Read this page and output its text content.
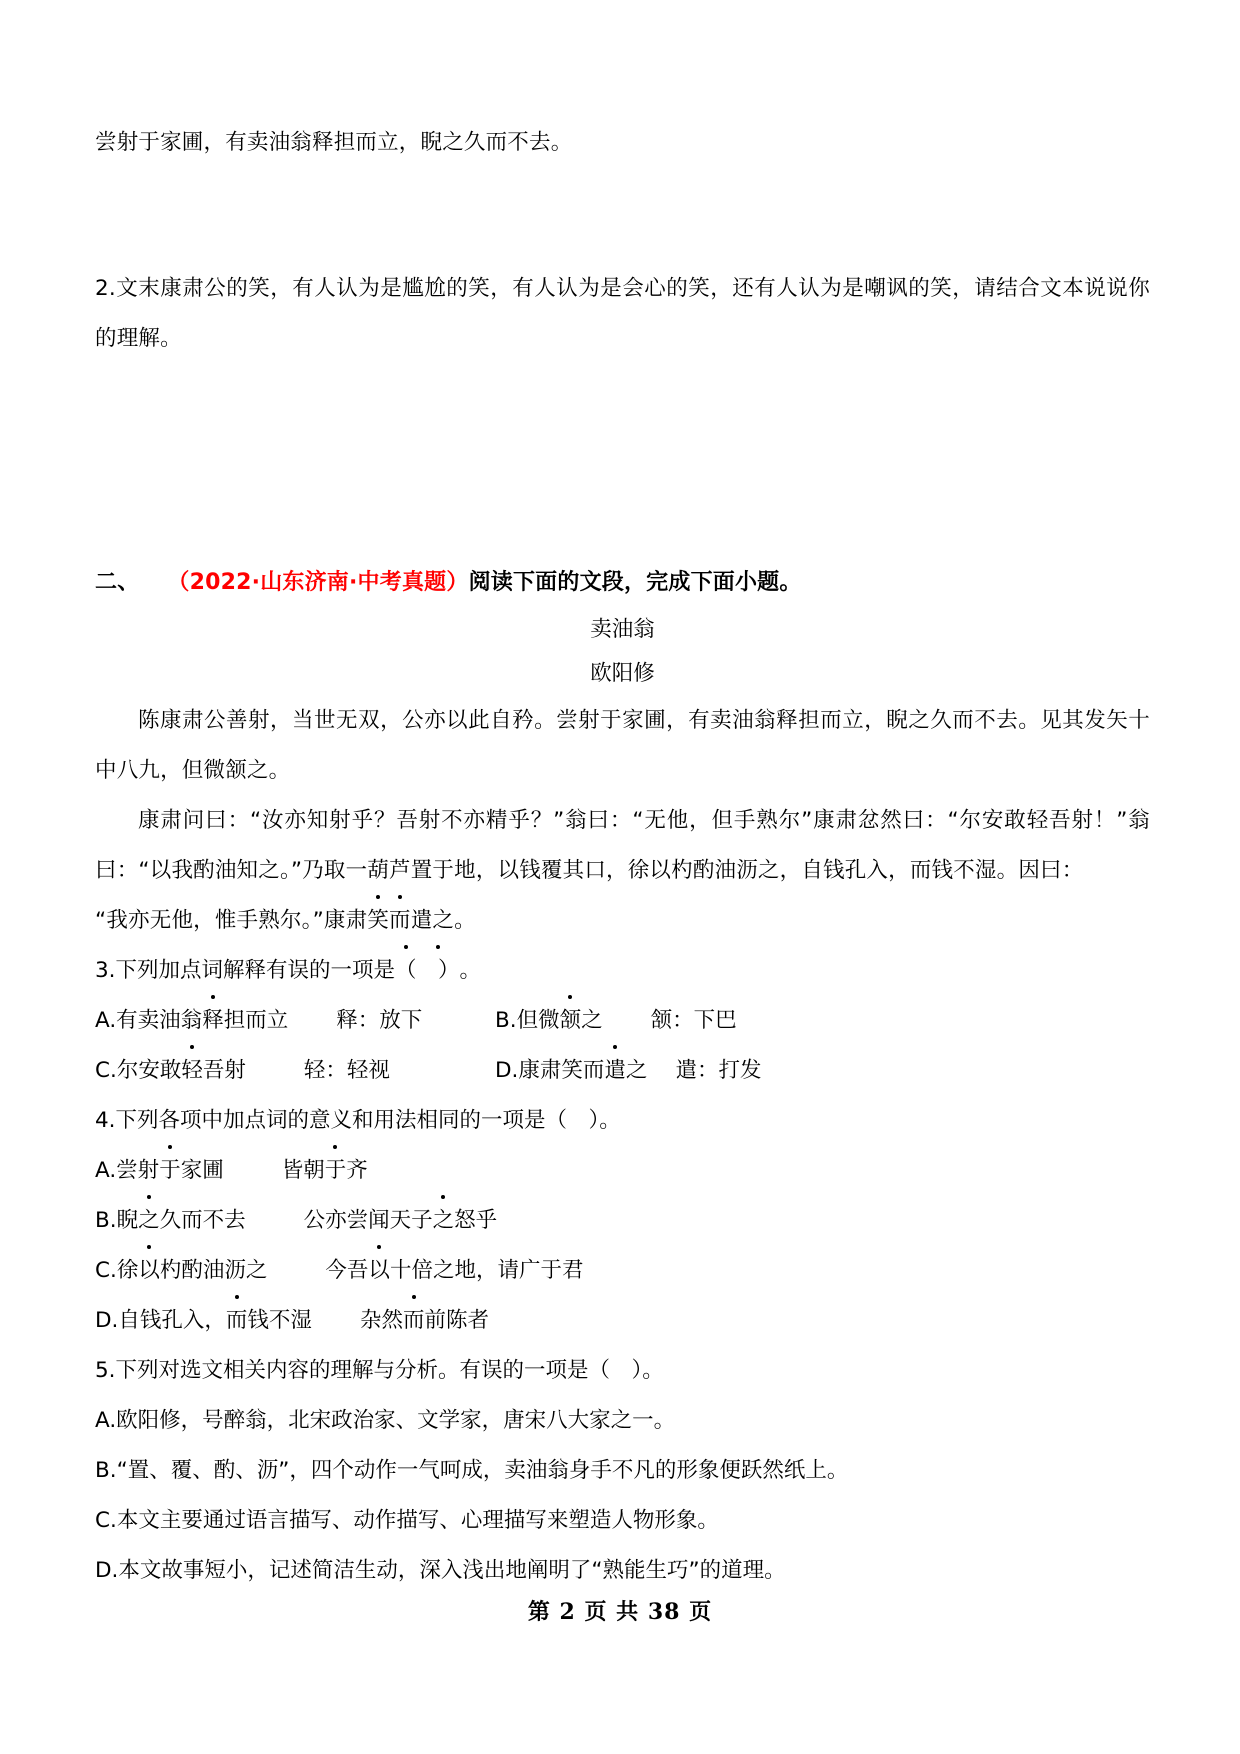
尝射于家圃，有卖油翁释担而立，睨之久而不去。
2.文末康肃公的笑，有人认为是尴尬的笑，有人认为是会心的笑，还有人认为是嘲讽的笑，请结合文本说说你的理解。
二、 （2022·山东济南·中考真题）阅读下面的文段，完成下面小题。
卖油翁
欧阳修
陈康肃公善射，当世无双，公亦以此自矜。尝射于家圃，有卖油翁释担而立，睨之久而不去。见其发矢十中八九，但微颔之。
康肃问曰：“汝亦知射乎？吾射不亦精乎？”翁曰：“无他，但手熟尔”康肃忿然曰：“尔安敢轻吾射！”翁曰：“以我酌油知之。”乃取一葫芦置于地，以钱覆其口，徐以杓酌油沥之，自钱孔入，而钱不湿。因曰：
“我亦无他，惟手熟尔。”康肃笑而遣之。
3.下列加点词解释有误的一项是（　）。
A.有卖油翁释担而立 释：放下	B.但微颔之 颔：下巴
C.尔安敢轻吾射	轻：轻视	D.康肃笑而遣之 遣：打发
4.下列各项中加点词的意义和用法相同的一项是（　）。
A.尝射于家圃	皆朝于齐
B.睨之久而不去	公亦尝闻天子之怒乎
C.徐以杓酌油沥之	今吾以十倍之地，请广于君
D.自钱孔入，而钱不湿 杂然而前陈者
5.下列对选文相关内容的理解与分析。有误的一项是（　）。
A.欧阳修，号醉翁，北宋政治家、文学家，唐宋八大家之一。
B.“置、覆、酌、沥”，四个动作一气呵成，卖油翁身手不凡的形象便跃然纸上。
C.本文主要通过语言描写、动作描写、心理描写来塑造人物形象。
D.本文故事短小，记述简洁生动，深入浅出地阐明了“熟能生巧”的道理。
第 2 页 共 38 页
